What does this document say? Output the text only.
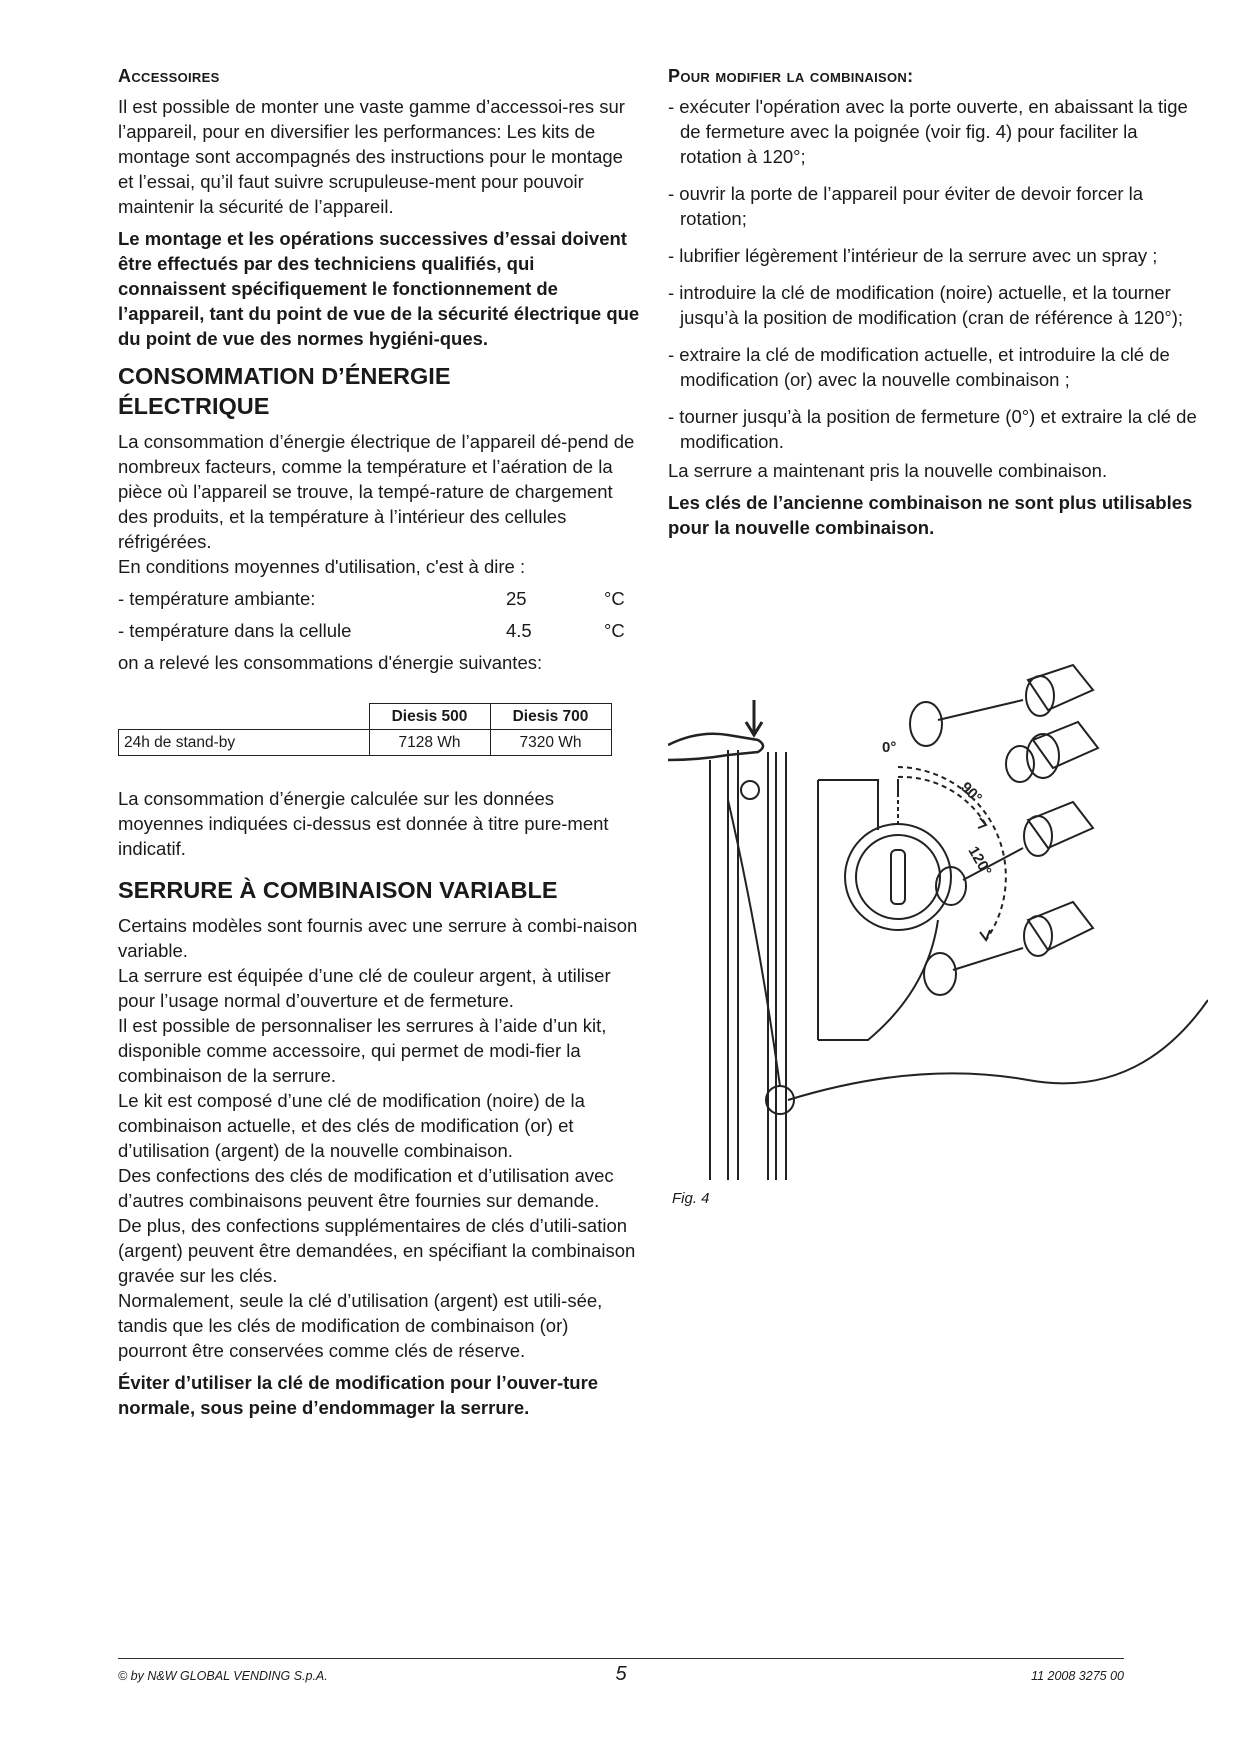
Accessoires

Il est possible de monter une vaste gamme d’accessoi-res sur l’appareil, pour en diversifier les performances: Les kits de montage sont accompagnés des instructions pour le montage et l’essai, qu’il faut suivre scrupuleuse-ment pour pouvoir maintenir la sécurité de l’appareil.

Le montage et les opérations successives d’essai doivent être effectués par des techniciens qualifiés, qui connaissent spécifiquement le fonctionnement de l’appareil, tant du point de vue de la sécurité électrique que du point de vue des normes hygiéni-ques.

CONSOMMATION D’ÉNERGIE
ÉLECTRIQUE

La consommation d’énergie électrique de l’appareil dé-pend de nombreux facteurs, comme la température et l’aération de la pièce où l’appareil se trouve, la tempé-rature de chargement des produits, et la température à l’intérieur des cellules réfrigérées.

En conditions moyennes d'utilisation, c'est à dire :

- température ambiante:	25	°C
- température dans la cellule	4.5	°C

on a relevé les consommations d'énergie suivantes:

	Diesis 500	Diesis 700
24h de stand-by	7128 Wh	7320 Wh

La consommation d’énergie calculée sur les données moyennes indiquées ci-dessus est donnée à titre pure-ment indicatif.

SERRURE À COMBINAISON VARIABLE

Certains modèles sont fournis avec une serrure à combi-naison variable.

La serrure est équipée d’une clé de couleur argent, à utiliser pour l’usage normal d’ouverture et de fermeture.

Il est possible de personnaliser les serrures à l’aide d’un kit, disponible comme accessoire, qui permet de modi-fier la combinaison de la serrure.

Le kit est composé d’une clé de modification (noire) de la combinaison actuelle, et des clés de modification (or) et d’utilisation (argent) de la nouvelle combinaison.

Des confections des clés de modification et d’utilisation avec d’autres combinaisons peuvent être fournies sur demande.

De plus, des confections supplémentaires de clés d’utili-sation (argent) peuvent être demandées, en spécifiant la combinaison gravée sur les clés.

Normalement, seule la clé d’utilisation (argent) est utili-sée, tandis que les clés de modification de combinaison (or) pourront être conservées comme clés de réserve.

Éviter d’utiliser la clé de modification pour l’ouver-ture normale, sous peine d’endommager la serrure.

Pour modifier la combinaison:
- exécuter l'opération avec la porte ouverte, en abaissant la tige de fermeture avec la poignée (voir fig. 4) pour faciliter la rotation à 120°;
- ouvrir la porte de l’appareil pour éviter de devoir forcer la rotation;
- lubrifier légèrement l’intérieur de la serrure avec un spray ;
- introduire la clé de modification (noire) actuelle, et la tourner jusqu’à la position de modification (cran de référence à 120°);
- extraire la clé de modification actuelle, et introduire la clé de modification (or) avec la nouvelle combinaison ;
- tourner jusqu’à la position de fermeture (0°) et extraire la clé de modification.

La serrure a maintenant pris la nouvelle combinaison.

Les clés de l’ancienne combinaison ne sont plus utilisables pour la nouvelle combinaison.

0°
90°
120°
Fig. 4
© by N&W GLOBAL VENDING S.p.A.	5	11 2008 3275 00
